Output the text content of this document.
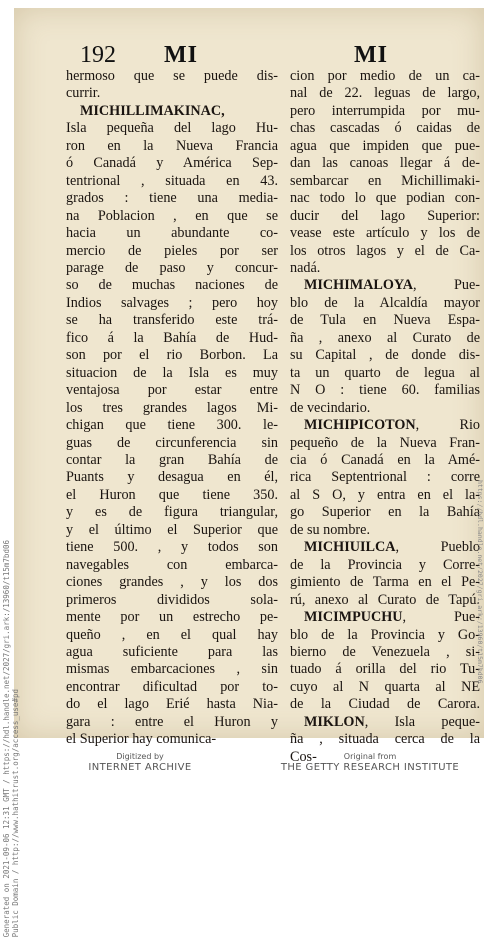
192 MI	MI
hermoso que se puede dis-
currir.
MICHILLIMAKINAC,
Isla pequeña del lago Hu-
ron en la Nueva Francia
ó Canadá y América Sep-
tentrional , situada en 43.
grados : tiene una media-
na Poblacion , en que se
hacia un abundante co-
mercio de pieles por ser
parage de paso y concur-
so de muchas naciones de
Indios salvages ; pero hoy
se ha transferido este trá-
fico á la Bahía de Hud-
son por el rio Borbon. La
situacion de la Isla es muy
ventajosa por estar entre
los tres grandes lagos Mi-
chigan que tiene 300. le-
guas de circunferencia sin
contar la gran Bahía de
Puants y desagua en él,
el Huron que tiene 350.
y es de figura triangular,
y el último el Superior que
tiene 500. , y todos son
navegables con embarca-
ciones grandes , y los dos
primeros divididos sola-
mente por un estrecho pe-
queño , en el qual hay
agua suficiente para las
mismas embarcaciones , sin
encontrar dificultad por to-
do el lago Erié hasta Nia-
gara : entre el Huron y
el Superior hay comunica-
cion por medio de un ca-
nal de 22. leguas de largo,
pero interrumpida por mu-
chas cascadas ó caidas de
agua que impiden que pue-
dan las canoas llegar á de-
sembarcar en Michillimaki-
nac todo lo que podian con-
ducir del lago Superior:
vease este artículo y los de
los otros lagos y el de Ca-
nadá.
MICHIMALOYA, Pue-
blo de la Alcaldía mayor
de Tula en Nueva Espa-
ña , anexo al Curato de
su Capital , de donde dis-
ta un quarto de legua al
N O : tiene 60. familias
de vecindario.
MICHIPICOTON, Rio
pequeño de la Nueva Fran-
cia ó Canadá en la Amé-
rica Septentrional : corre
al S O, y entra en el la-
go Superior en la Bahía
de su nombre.
MICHIUILCA, Pueblo
de la Provincia y Corre-
gimiento de Tarma en el Pe-
rú, anexo al Curato de Tapú.
MICIMPUCHU, Pue-
blo de la Provincia y Go-
bierno de Venezuela , si-
tuado á orilla del rio Tu-
cuyo al N quarta al NE
de la Ciudad de Carora.
MIKLON, Isla peque-
ña , situada cerca de la
Cos-
Generated on 2021-09-06 12:31 GMT / https://hdl.handle.net/2027/gri.ark:/13960/t15m7bd06 Public Domain / http://www.hathitrust.org/access_use#pd
https://hdl.handle.net/2027/gri.ark:/13960/t15m7bd06
Digitized by
INTERNET ARCHIVE
Original from
THE GETTY RESEARCH INSTITUTE
